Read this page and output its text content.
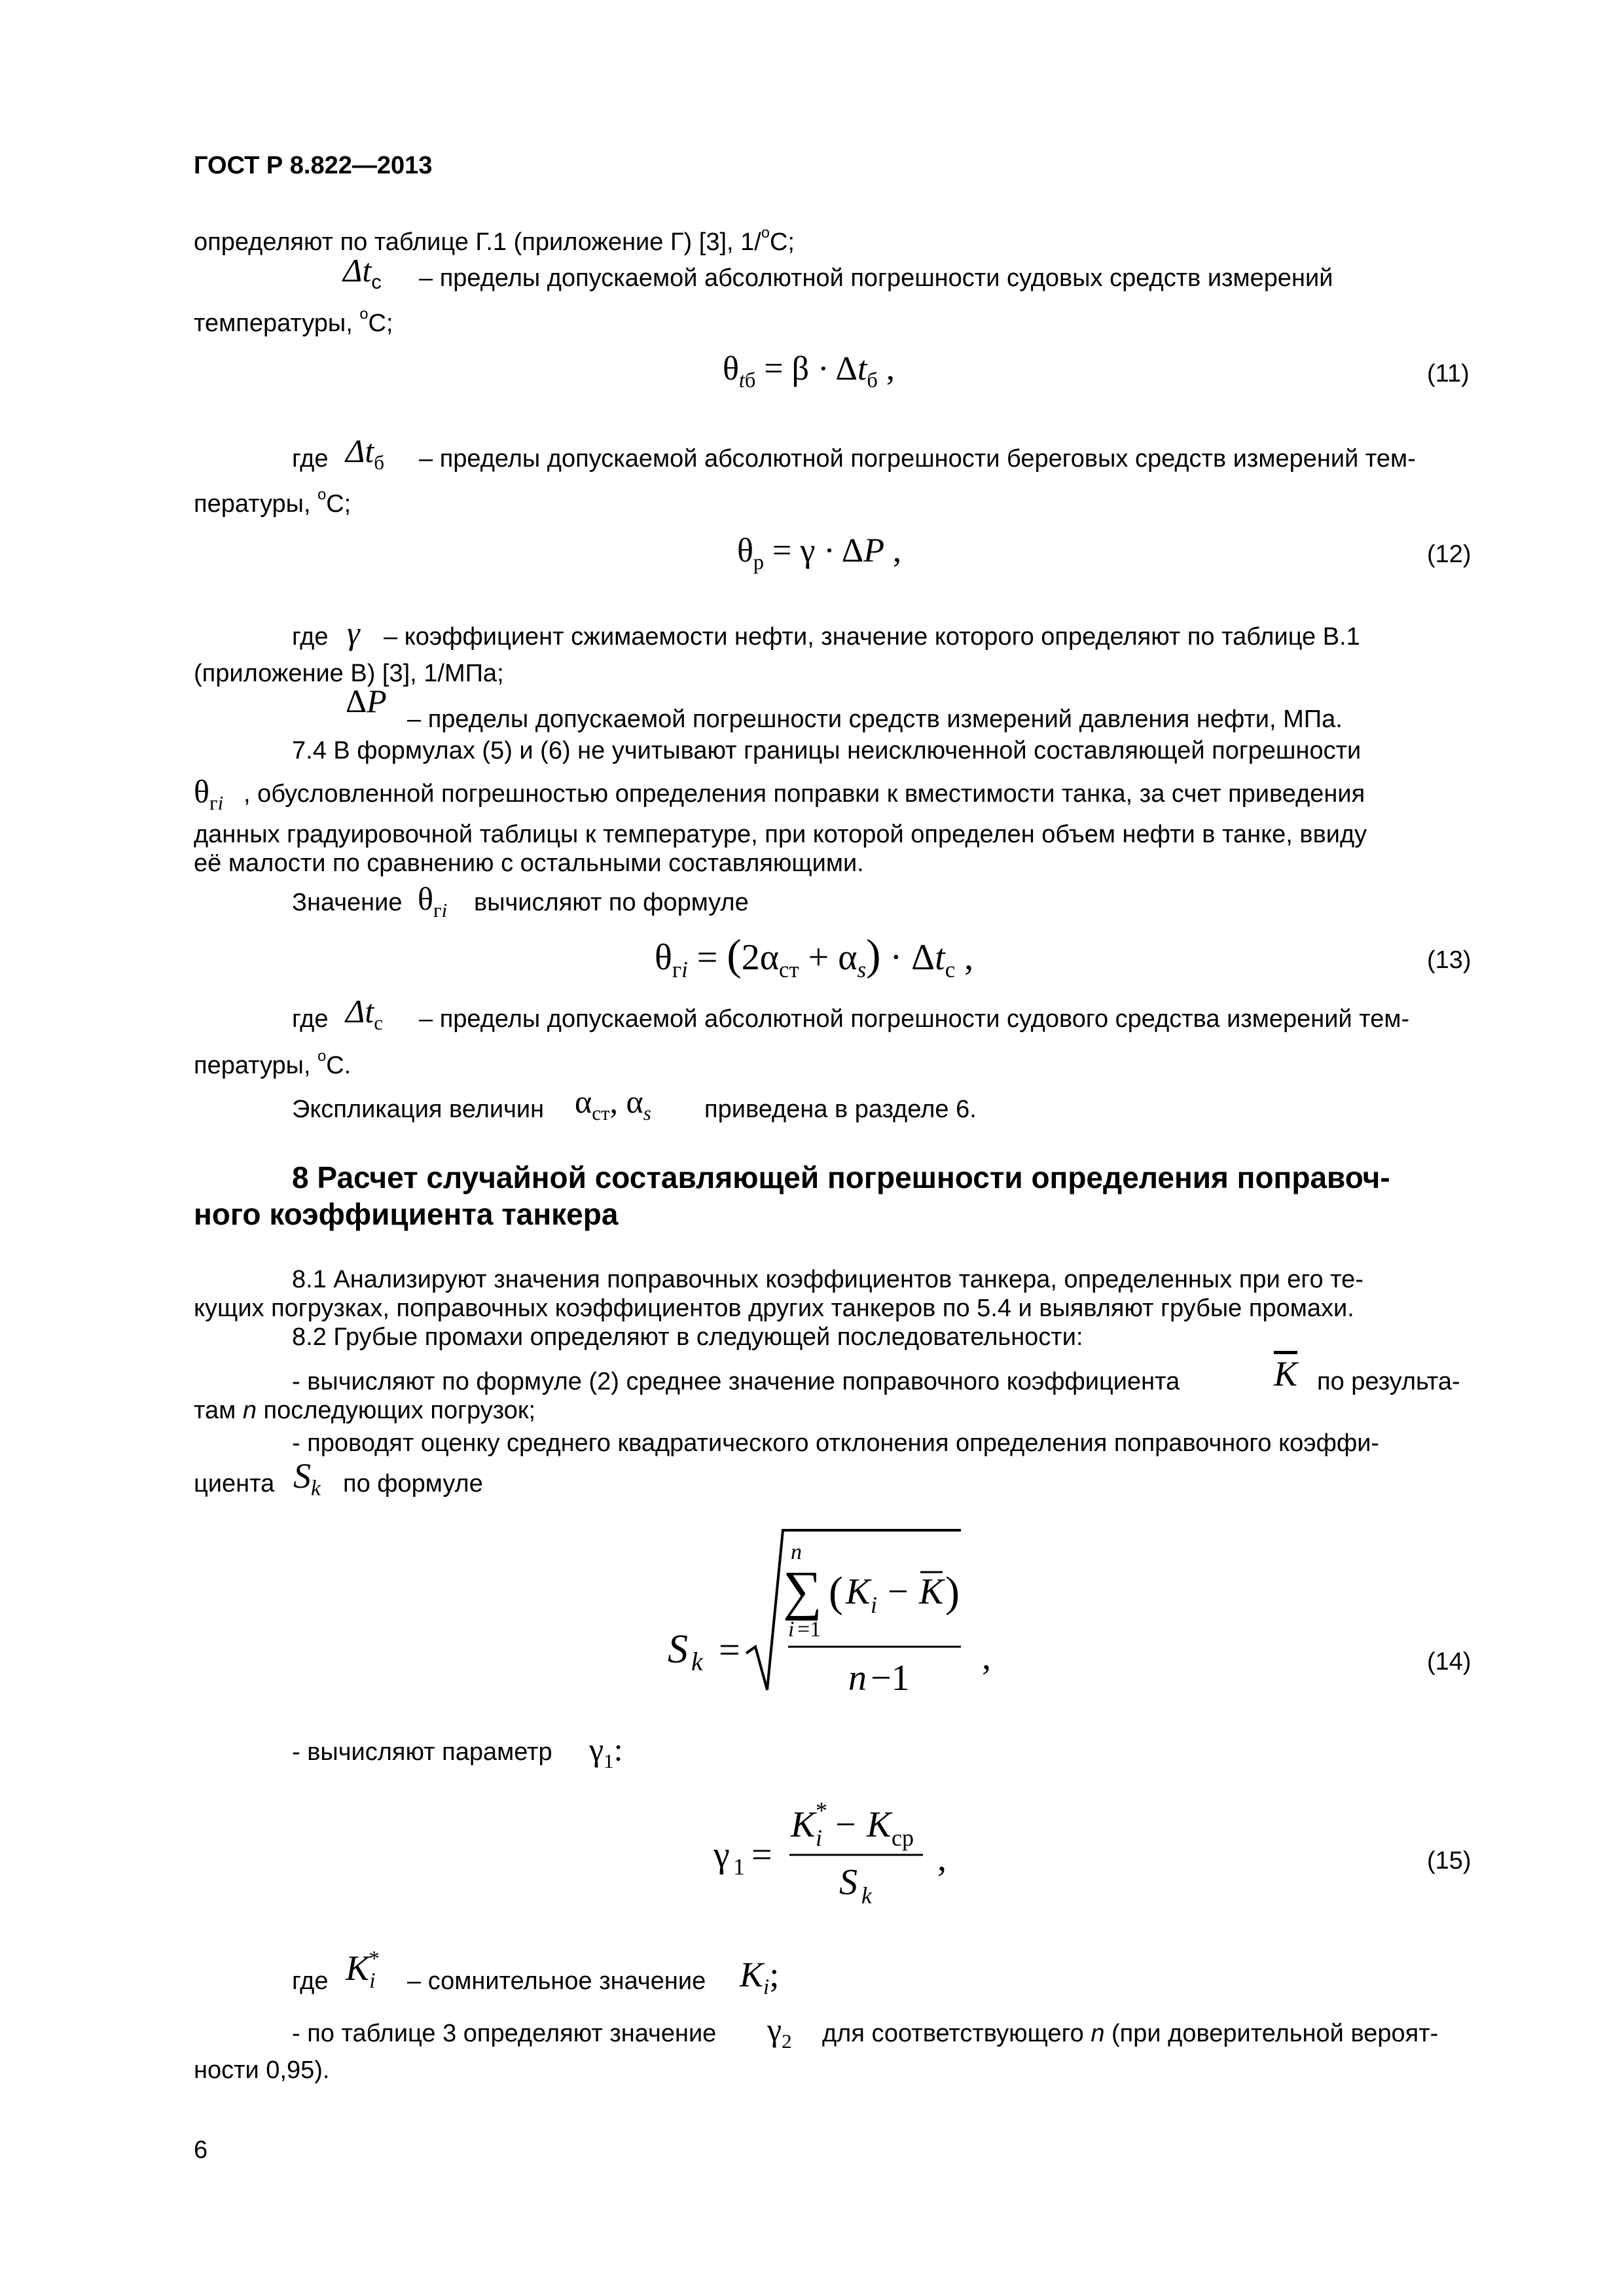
ГОСТ Р 8.822—2013
определяют по таблице Г.1 (приложение Г) [3], 1/$^o$С;
$\Delta t_с$ – пределы допускаемой абсолютной погрешности судовых средств измерений
температуры, $^o$С;
$\theta_{tб} = \beta \cdot \Delta t_б$ ,	(11)
где $\Delta t_б$ – пределы допускаемой абсолютной погрешности береговых средств измерений тем-
пературы, $^o$С;
$\theta_р = \gamma \cdot \Delta P$ ,	(12)
где γ – коэффициент сжимаемости нефти, значение которого определяют по таблице В.1
(приложение В) [3], 1/МПа;
ΔP – пределы допускаемой погрешности средств измерений давления нефти, МПа.
7.4 В формулах (5) и (6) не учитывают границы неисключенной составляющей погрешности
$\theta_{гi}$ , обусловленной погрешностью определения поправки к вместимости танка, за счет приведения
данных градуировочной таблицы к температуре, при которой определен объем нефти в танке, ввиду
её малости по сравнению с остальными составляющими.
Значение $\theta_{гi}$ вычисляют по формуле
$\theta_{гi} = (2\alpha_{ст} + \alpha_s) \cdot \Delta t_с$ ,	(13)
где $\Delta t_с$ – пределы допускаемой абсолютной погрешности судового средства измерений тем-
пературы, $^o$С.
Экспликация величин $\alpha_{ст}$, $\alpha_s$ приведена в разделе 6.
8 Расчет случайной составляющей погрешности определения поправоч-
ного коэффициента танкера
8.1 Анализируют значения поправочных коэффициентов танкера, определенных при его те-
кущих погрузках, поправочных коэффициентов других танкеров по 5.4 и выявляют грубые промахи.
8.2 Грубые промахи определяют в следующей последовательности:
- вычисляют по формуле (2) среднее значение поправочного коэффициента	$\overline{K}$ по результа-
там n последующих погрузок;
- проводят оценку среднего квадратического отклонения определения поправочного коэффи-
циента $S_k$ по формуле
S k =
n
∑
i =1
( K i − K )
n −1
,	(14)
- вычисляют параметр $\gamma_1$:
γ 1 =
K *
i − K ср
S k
,	(15)
где $K^*_i$	– сомнительное значение $K_i$;
- по таблице 3 определяют значение $\gamma_2$ для соответствующего n (при доверительной вероят-
ности 0,95).
6
